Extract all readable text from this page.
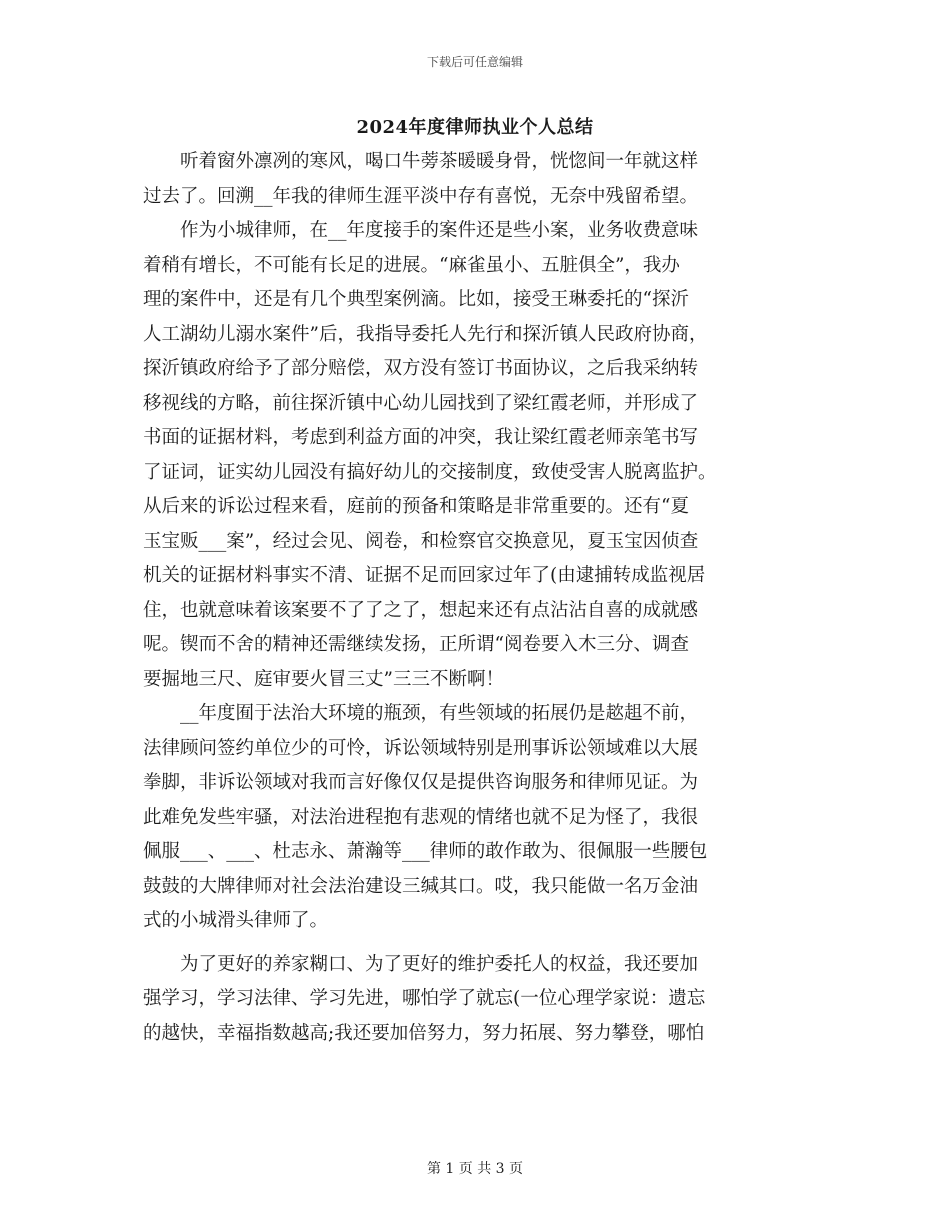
下载后可任意编辑
2024年度律师执业个人总结
　　听着窗外凛冽的寒风，喝口牛蒡茶暖暖身骨，恍惚间一年就这样
过去了。回溯__年我的律师生涯平淡中存有喜悦，无奈中残留希望。
　　作为小城律师，在__年度接手的案件还是些小案，业务收费意味
着稍有增长，不可能有长足的进展。“麻雀虽小、五脏俱全”，我办
理的案件中，还是有几个典型案例滴。比如，接受王琳委托的“探沂
人工湖幼儿溺水案件”后，我指导委托人先行和探沂镇人民政府协商，
探沂镇政府给予了部分赔偿，双方没有签订书面协议，之后我采纳转
移视线的方略，前往探沂镇中心幼儿园找到了梁红霞老师，并形成了
书面的证据材料，考虑到利益方面的冲突，我让梁红霞老师亲笔书写
了证词，证实幼儿园没有搞好幼儿的交接制度，致使受害人脱离监护。
从后来的诉讼过程来看，庭前的预备和策略是非常重要的。还有“夏
玉宝贩___案”，经过会见、阅卷，和检察官交换意见，夏玉宝因侦查
机关的证据材料事实不清、证据不足而回家过年了(由逮捕转成监视居
住，也就意味着该案要不了了之了，想起来还有点沾沾自喜的成就感
呢。锲而不舍的精神还需继续发扬，正所谓“阅卷要入木三分、调查
要掘地三尺、庭审要火冒三丈”三三不断啊！
　　__年度囿于法治大环境的瓶颈，有些领域的拓展仍是趑趄不前，
法律顾问签约单位少的可怜，诉讼领域特别是刑事诉讼领域难以大展
拳脚，非诉讼领域对我而言好像仅仅是提供咨询服务和律师见证。为
此难免发些牢骚，对法治进程抱有悲观的情绪也就不足为怪了，我很
佩服___、___、杜志永、萧瀚等___律师的敢作敢为、很佩服一些腰包
鼓鼓的大牌律师对社会法治建设三缄其口。哎，我只能做一名万金油
式的小城滑头律师了。
　　为了更好的养家糊口、为了更好的维护委托人的权益，我还要加
强学习，学习法律、学习先进，哪怕学了就忘(一位心理学家说：遗忘
的越快，幸福指数越高;我还要加倍努力，努力拓展、努力攀登，哪怕
第 1 页 共 3 页
